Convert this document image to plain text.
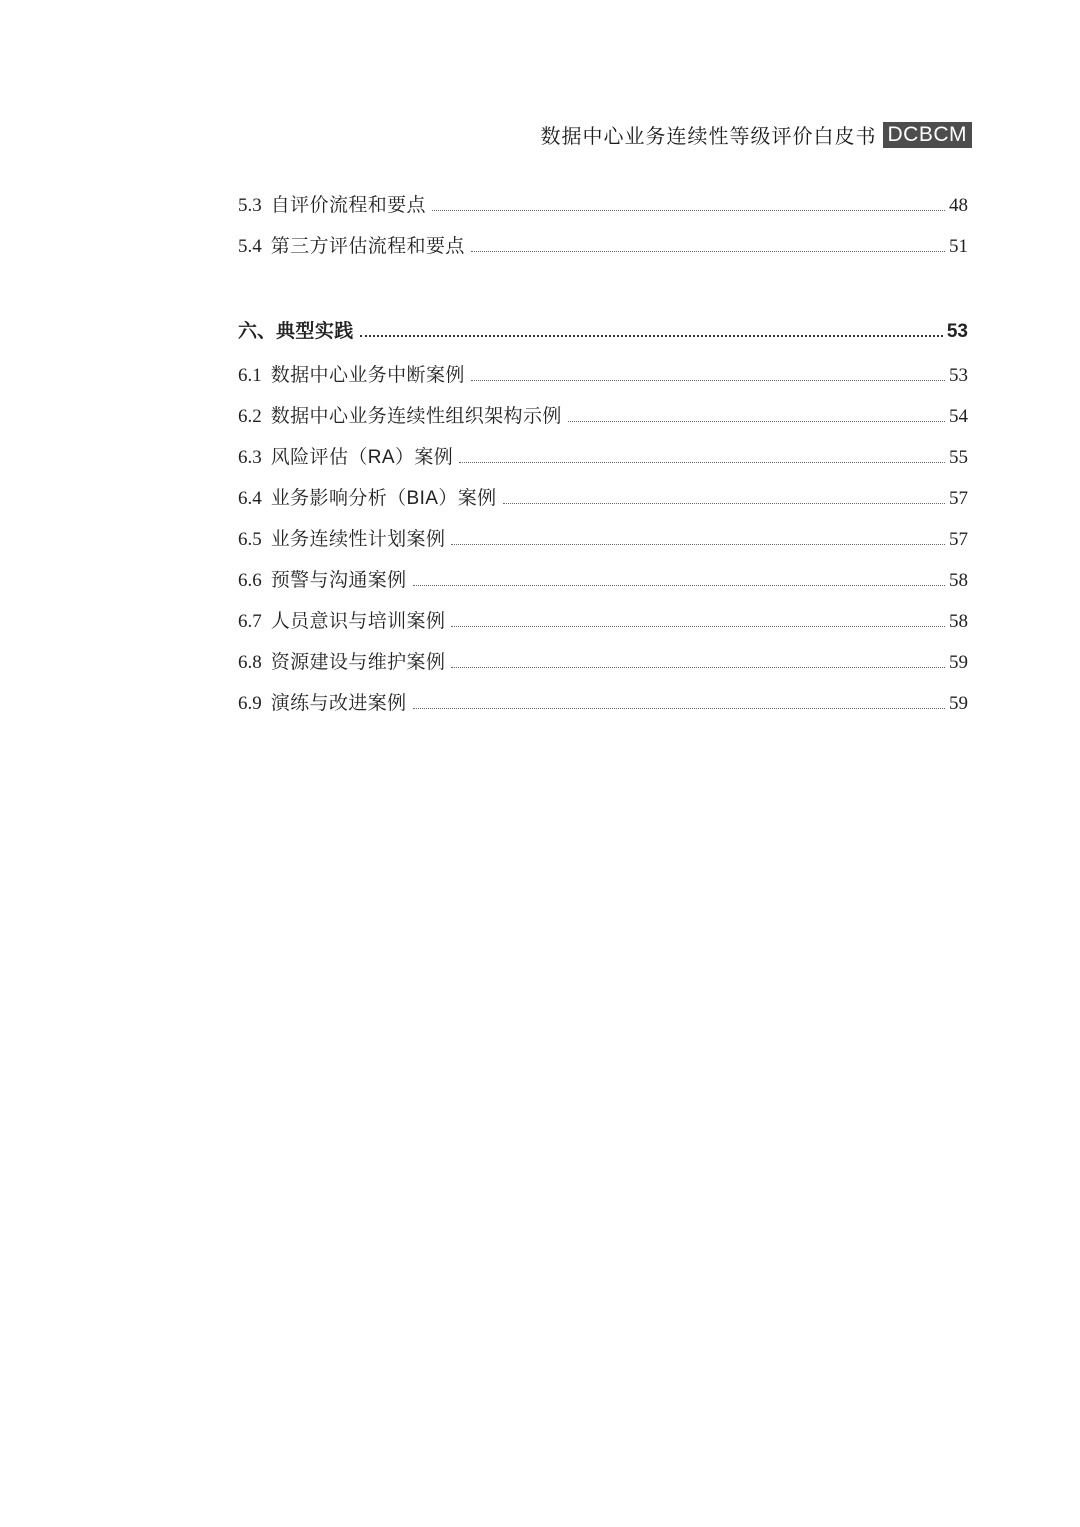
数据中心业务连续性等级评价白皮书 DCBCM
5.3 自评价流程和要点	48
5.4 第三方评估流程和要点	51
六、 典型实践	53
6.1 数据中心业务中断案例	53
6.2 数据中心业务连续性组织架构示例	54
6.3 风险评估（RA）案例	55
6.4 业务影响分析（BIA）案例	57
6.5 业务连续性计划案例	57
6.6 预警与沟通案例	58
6.7 人员意识与培训案例	58
6.8 资源建设与维护案例	59
6.9 演练与改进案例	59
